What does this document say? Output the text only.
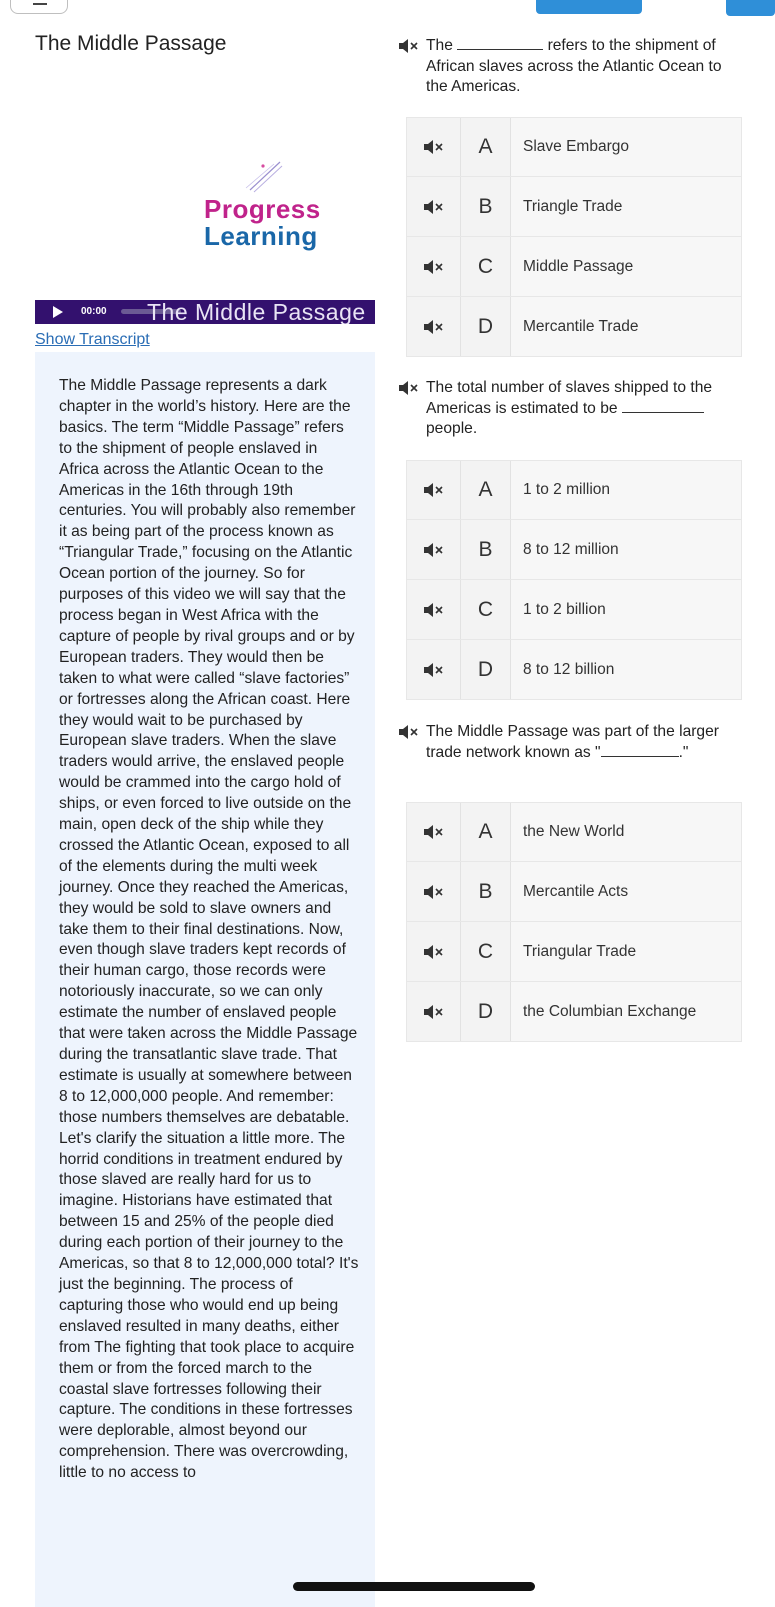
The Middle Passage
Progress
Learning
00:00 The Middle Passage
Show Transcript

The Middle Passage represents a dark chapter in the world’s history. Here are the basics. The term “Middle Passage” refers to the shipment of people enslaved in Africa across the Atlantic Ocean to the Americas in the 16th through 19th centuries. You will probably also remember it as being part of the process known as “Triangular Trade,” focusing on the Atlantic Ocean portion of the journey. So for purposes of this video we will say that the process began in West Africa with the capture of people by rival groups and or by European traders. They would then be taken to what were called “slave factories” or fortresses along the African coast. Here they would wait to be purchased by European slave traders. When the slave traders would arrive, the enslaved people would be crammed into the cargo hold of ships, or even forced to live outside on the main, open deck of the ship while they crossed the Atlantic Ocean, exposed to all of the elements during the multi week journey. Once they reached the Americas, they would be sold to slave owners and take them to their final destinations. Now, even though slave traders kept records of their human cargo, those records were notoriously inaccurate, so we can only estimate the number of enslaved people that were taken across the Middle Passage during the transatlantic slave trade. That estimate is usually at somewhere between 8 to 12,000,000 people. And remember: those numbers themselves are debatable. Let's clarify the situation a little more. The horrid conditions in treatment endured by those slaved are really hard for us to imagine. Historians have estimated that between 15 and 25% of the people died during each portion of their journey to the Americas, so that 8 to 12,000,000 total? It's just the beginning. The process of capturing those who would end up being enslaved resulted in many deaths, either from The fighting that took place to acquire them or from the forced march to the coastal slave fortresses following their capture. The conditions in these fortresses were deplorable, almost beyond our comprehension. There was overcrowding, little to no access to

The	refers to the shipment of African slaves across the Atlantic Ocean to the Americas.
A	Slave Embargo
B	Triangle Trade
C	Middle Passage
D	Mercantile Trade
The total number of slaves shipped to the Americas is estimated to be  people.
A	1 to 2 million
B	8 to 12 million
C	1 to 2 billion
D	8 to 12 billion
The Middle Passage was part of the larger trade network known as "	."
A	the New World
B	Mercantile Acts
C	Triangular Trade
D	the Columbian Exchange
